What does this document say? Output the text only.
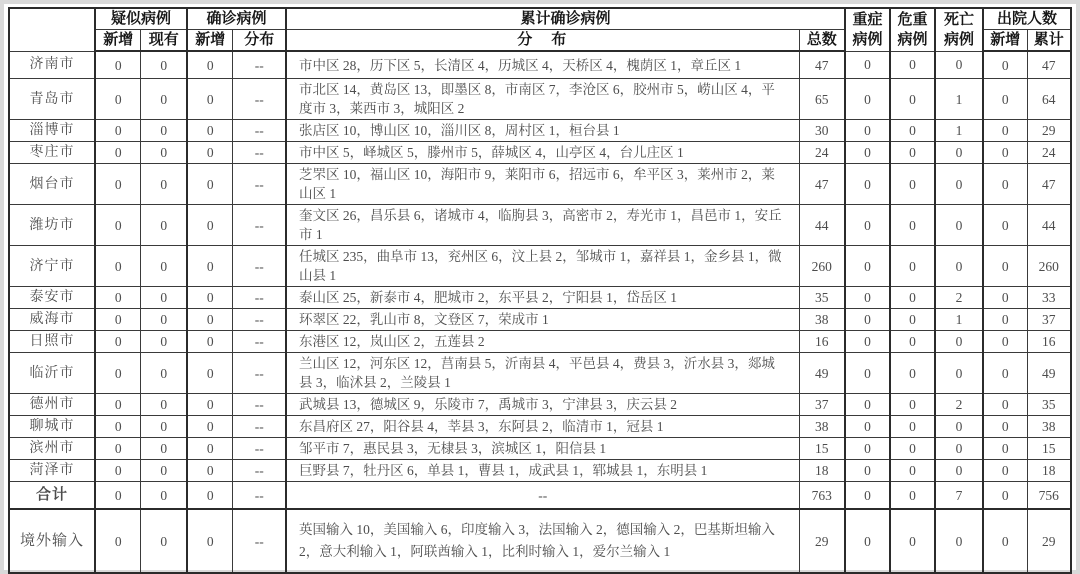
	疑似病例		确诊病例		累计确诊病例		重症病例	危重病例	死亡病例	出院人数	
	新增	现有	新增	分布	分　布	总数				新增	累计
济南市	0	0	0	--	市中区 28，历下区 5，长清区 4，历城区 4，天桥区 4，槐荫区 1，章丘区 1	47	0	0	0	0	47
青岛市	0	0	0	--	市北区 14，黄岛区 13，即墨区 8，市南区 7，李沧区 6，胶州市 5，崂山区 4，平度市 3，莱西市 3，城阳区 2	65	0	0	1	0	64
淄博市	0	0	0	--	张店区 10，博山区 10，淄川区 8，周村区 1，桓台县 1	30	0	0	1	0	29
枣庄市	0	0	0	--	市中区 5，峄城区 5，滕州市 5，薛城区 4，山亭区 4，台儿庄区 1	24	0	0	0	0	24
烟台市	0	0	0	--	芝罘区 10，福山区 10，海阳市 9，莱阳市 6，招远市 6，牟平区 3，莱州市 2，莱山区 1	47	0	0	0	0	47
潍坊市	0	0	0	--	奎文区 26，昌乐县 6，诸城市 4，临朐县 3，高密市 2，寿光市 1，昌邑市 1，安丘市 1	44	0	0	0	0	44
济宁市	0	0	0	--	任城区 235，曲阜市 13，兖州区 6，汶上县 2，邹城市 1，嘉祥县 1，金乡县 1，微山县 1	260	0	0	0	0	260
泰安市	0	0	0	--	泰山区 25，新泰市 4，肥城市 2，东平县 2，宁阳县 1，岱岳区 1	35	0	0	2	0	33
威海市	0	0	0	--	环翠区 22，乳山市 8，文登区 7，荣成市 1	38	0	0	1	0	37
日照市	0	0	0	--	东港区 12，岚山区 2，五莲县 2	16	0	0	0	0	16
临沂市	0	0	0	--	兰山区 12，河东区 12，莒南县 5，沂南县 4，平邑县 4，费县 3，沂水县 3，郯城县 3，临沭县 2，兰陵县 1	49	0	0	0	0	49
德州市	0	0	0	--	武城县 13，德城区 9，乐陵市 7，禹城市 3，宁津县 3，庆云县 2	37	0	0	2	0	35
聊城市	0	0	0	--	东昌府区 27，阳谷县 4，莘县 3，东阿县 2，临清市 1，冠县 1	38	0	0	0	0	38
滨州市	0	0	0	--	邹平市 7，惠民县 3，无棣县 3，滨城区 1，阳信县 1	15	0	0	0	0	15
菏泽市	0	0	0	--	巨野县 7，牡丹区 6，单县 1，曹县 1，成武县 1，郓城县 1，东明县 1	18	0	0	0	0	18
合计	0	0	0	--	--	763	0	0	7	0	756
境外输入	0	0	0	--	英国输入 10，美国输入 6，印度输入 3，法国输入 2，德国输入 2，巴基斯坦输入 2，意大利输入 1，阿联酋输入 1，比利时输入 1，爱尔兰输入 1	29	0	0	0	0	29
